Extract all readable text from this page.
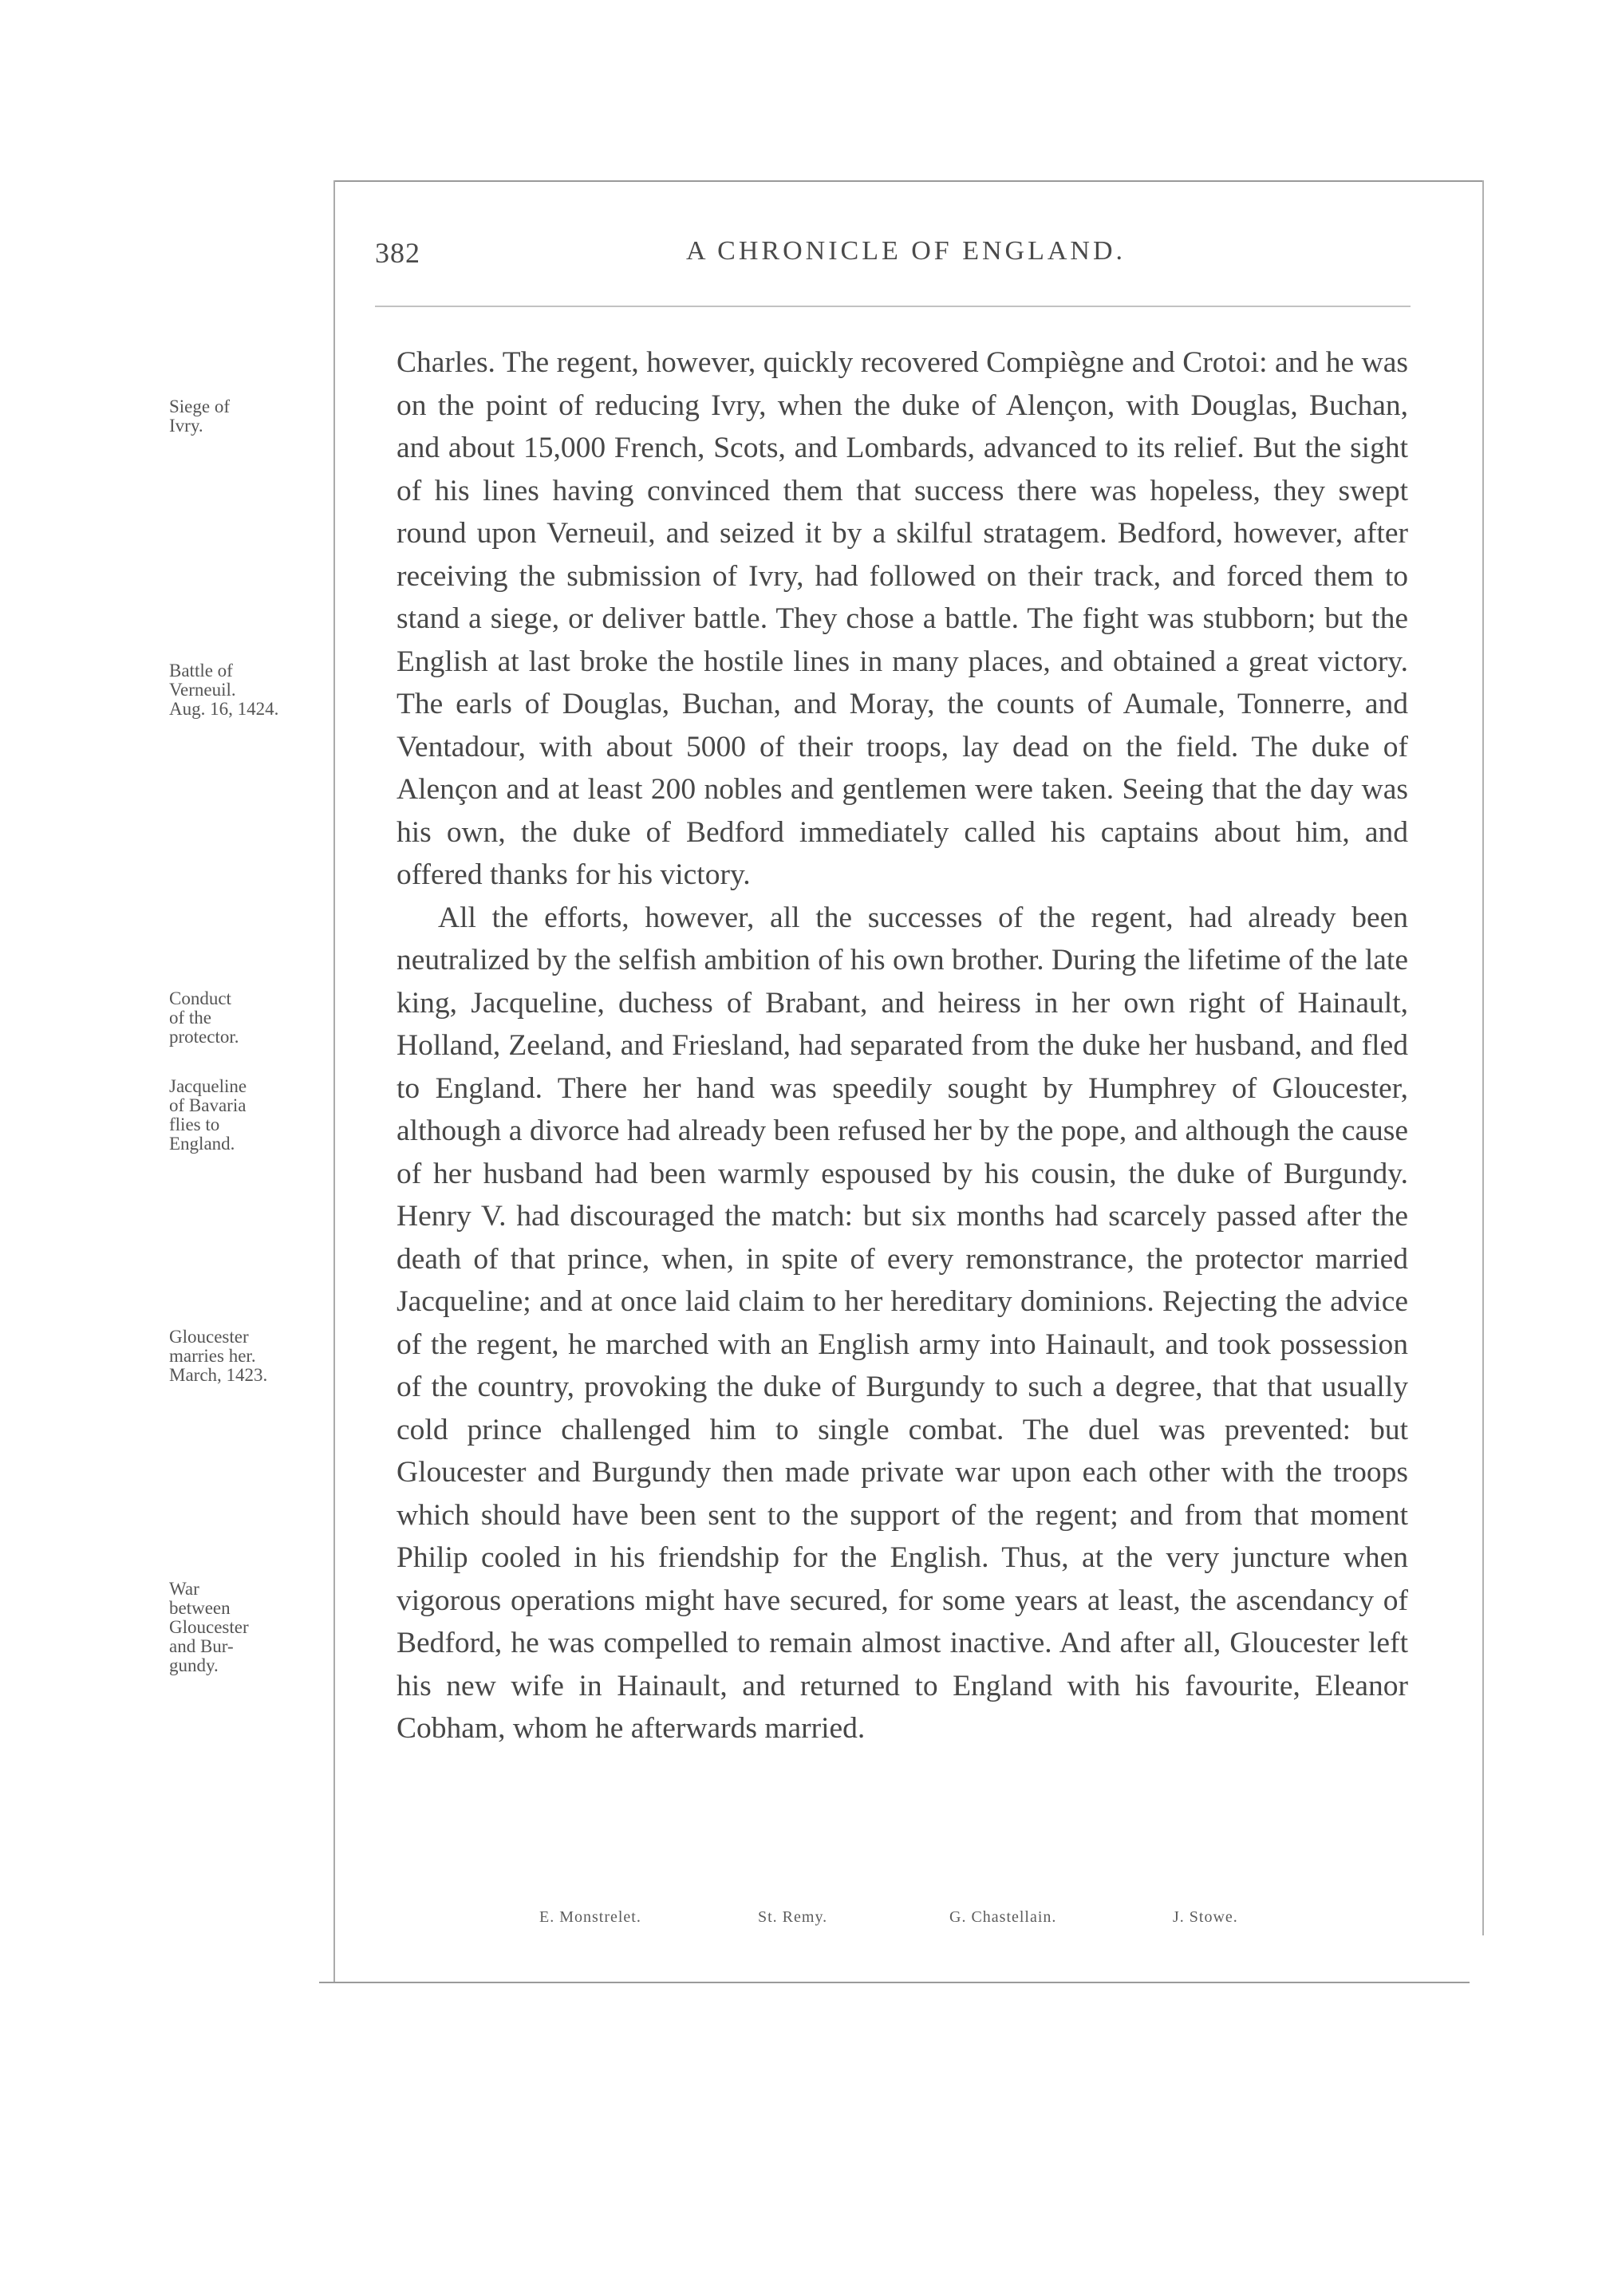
382	A CHRONICLE OF ENGLAND.
Siege of
Ivry.
Battle of
Verneuil.
Aug. 16, 1424.
Conduct
of the
protector.
Jacqueline
of Bavaria
flies to
England.
Gloucester
marries her.
March, 1423.
War
between
Gloucester
and Bur-
gundy.

Charles. The regent, however, quickly recovered Compiègne and Crotoi: and he was on the point of reducing Ivry, when the duke of Alençon, with Douglas, Buchan, and about 15,000 French, Scots, and Lombards, advanced to its relief. But the sight of his lines having convinced them that success there was hopeless, they swept round upon Verneuil, and seized it by a skilful stratagem. Bedford, however, after receiving the submission of Ivry, had followed on their track, and forced them to stand a siege, or deliver battle. They chose a battle. The fight was stubborn; but the English at last broke the hostile lines in many places, and obtained a great victory. The earls of Douglas, Buchan, and Moray, the counts of Aumale, Tonnerre, and Ventadour, with about 5000 of their troops, lay dead on the field. The duke of Alençon and at least 200 nobles and gentlemen were taken. Seeing that the day was his own, the duke of Bedford immediately called his captains about him, and offered thanks for his victory.

All the efforts, however, all the successes of the regent, had already been neutralized by the selfish ambition of his own brother. During the lifetime of the late king, Jacqueline, duchess of Brabant, and heiress in her own right of Hainault, Holland, Zeeland, and Friesland, had separated from the duke her husband, and fled to England. There her hand was speedily sought by Humphrey of Gloucester, although a divorce had already been refused her by the pope, and although the cause of her husband had been warmly espoused by his cousin, the duke of Burgundy. Henry V. had discouraged the match: but six months had scarcely passed after the death of that prince, when, in spite of every remonstrance, the protector married Jacqueline; and at once laid claim to her hereditary dominions. Rejecting the advice of the regent, he marched with an English army into Hainault, and took possession of the country, provoking the duke of Burgundy to such a degree, that that usually cold prince challenged him to single combat. The duel was prevented: but Gloucester and Burgundy then made private war upon each other with the troops which should have been sent to the support of the regent; and from that moment Philip cooled in his friendship for the English. Thus, at the very juncture when vigorous operations might have secured, for some years at least, the ascendancy of Bedford, he was compelled to remain almost inactive. And after all, Gloucester left his new wife in Hainault, and returned to England with his favourite, Eleanor Cobham, whom he afterwards married.

E. Monstrelet.	St. Remy.	G. Chastellain.	J. Stowe.
